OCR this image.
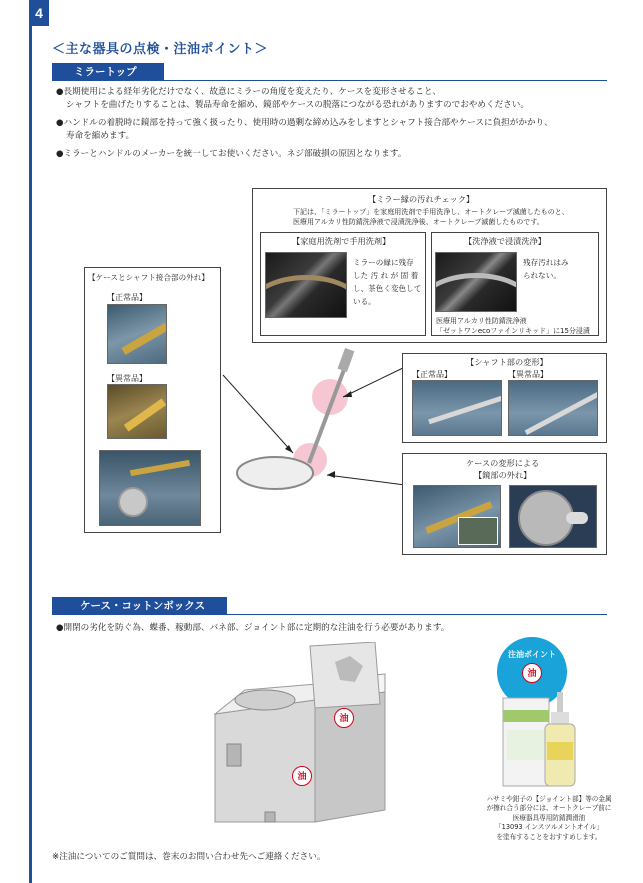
4
＜主な器具の点検・注油ポイント＞
ミラートップ
●長期使用による経年劣化だけでなく、故意にミラーの角度を変えたり、ケースを変形させること、
シャフトを曲げたりすることは、製品寿命を縮め、鏡部やケースの脱落につながる恐れがありますのでおやめください。
●ハンドルの着脱時に鏡部を持って強く扱ったり、使用時の過剰な締め込みをしますとシャフト接合部やケースに負担がかかり、
寿命を縮めます。
●ミラーとハンドルのメーカーを統一してお使いください。ネジ部破損の原因となります。
【ミラー縁の汚れチェック】
下記は、「ミラートップ」を家庭用洗剤で手用洗浄し、オートクレーブ滅菌したものと、
医療用アルカリ性防錆洗浄液で浸漬洗浄後、オートクレーブ滅菌したものです。
【家庭用洗剤で手用洗剤】
ミラーの縁に残存
した 汚 れ が 固 着
し、茶色く変色して
いる。
【洗浄液で浸漬洗浄】
残存汚れはみ
られない。
医療用アルカリ性防錆洗浄液
「ゼットワンecoファインリキッド」に15分浸漬
【ケースとシャフト接合部の外れ】
【正常品】
【異常品】
【シャフト部の変形】
【正常品】	【異常品】
ケースの変形による
【鏡部の外れ】
ケース・コットンボックス
●開閉の劣化を防ぐ為、蝶番、稼動部、バネ部、ジョイント部に定期的な注油を行う必要があります。
油
油
注油ポイント
油
ハサミや鉗子の【ジョイント部】等の金属
が擦れ合う部分には、オートクレーブ前に
医療器具専用防錆潤滑油
「13093 インスツルメントオイル」
を塗布することをおすすめします。
※注油についてのご質問は、巻末のお問い合わせ先へご連絡ください。
